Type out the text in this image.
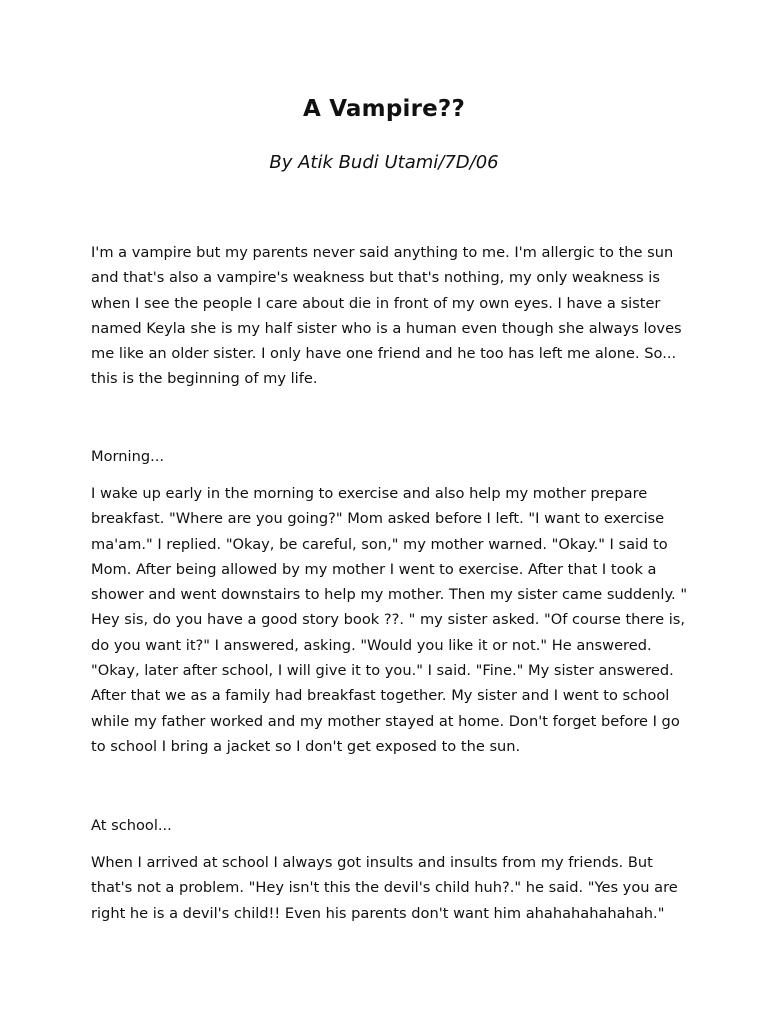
A Vampire??

By Atik Budi Utami/7D/06

I'm a vampire but my parents never said anything to me. I'm allergic to the sun
and that's also a vampire's weakness but that's nothing, my only weakness is
when I see the people I care about die in front of my own eyes. I have a sister
named Keyla she is my half sister who is a human even though she always loves
me like an older sister. I only have one friend and he too has left me alone. So...
this is the beginning of my life.

Morning...

I wake up early in the morning to exercise and also help my mother prepare
breakfast. "Where are you going?" Mom asked before I left. "I want to exercise
ma'am." I replied. "Okay, be careful, son," my mother warned. "Okay." I said to
Mom. After being allowed by my mother I went to exercise. After that I took a
shower and went downstairs to help my mother. Then my sister came suddenly. "
Hey sis, do you have a good story book ??. " my sister asked. "Of course there is,
do you want it?" I answered, asking. "Would you like it or not." He answered.
"Okay, later after school, I will give it to you." I said. "Fine." My sister answered.
After that we as a family had breakfast together. My sister and I went to school
while my father worked and my mother stayed at home. Don't forget before I go
to school I bring a jacket so I don't get exposed to the sun.

At school...

When I arrived at school I always got insults and insults from my friends. But
that's not a problem. "Hey isn't this the devil's child huh?." he said. "Yes you are
right he is a devil's child!! Even his parents don't want him ahahahahahahah."
